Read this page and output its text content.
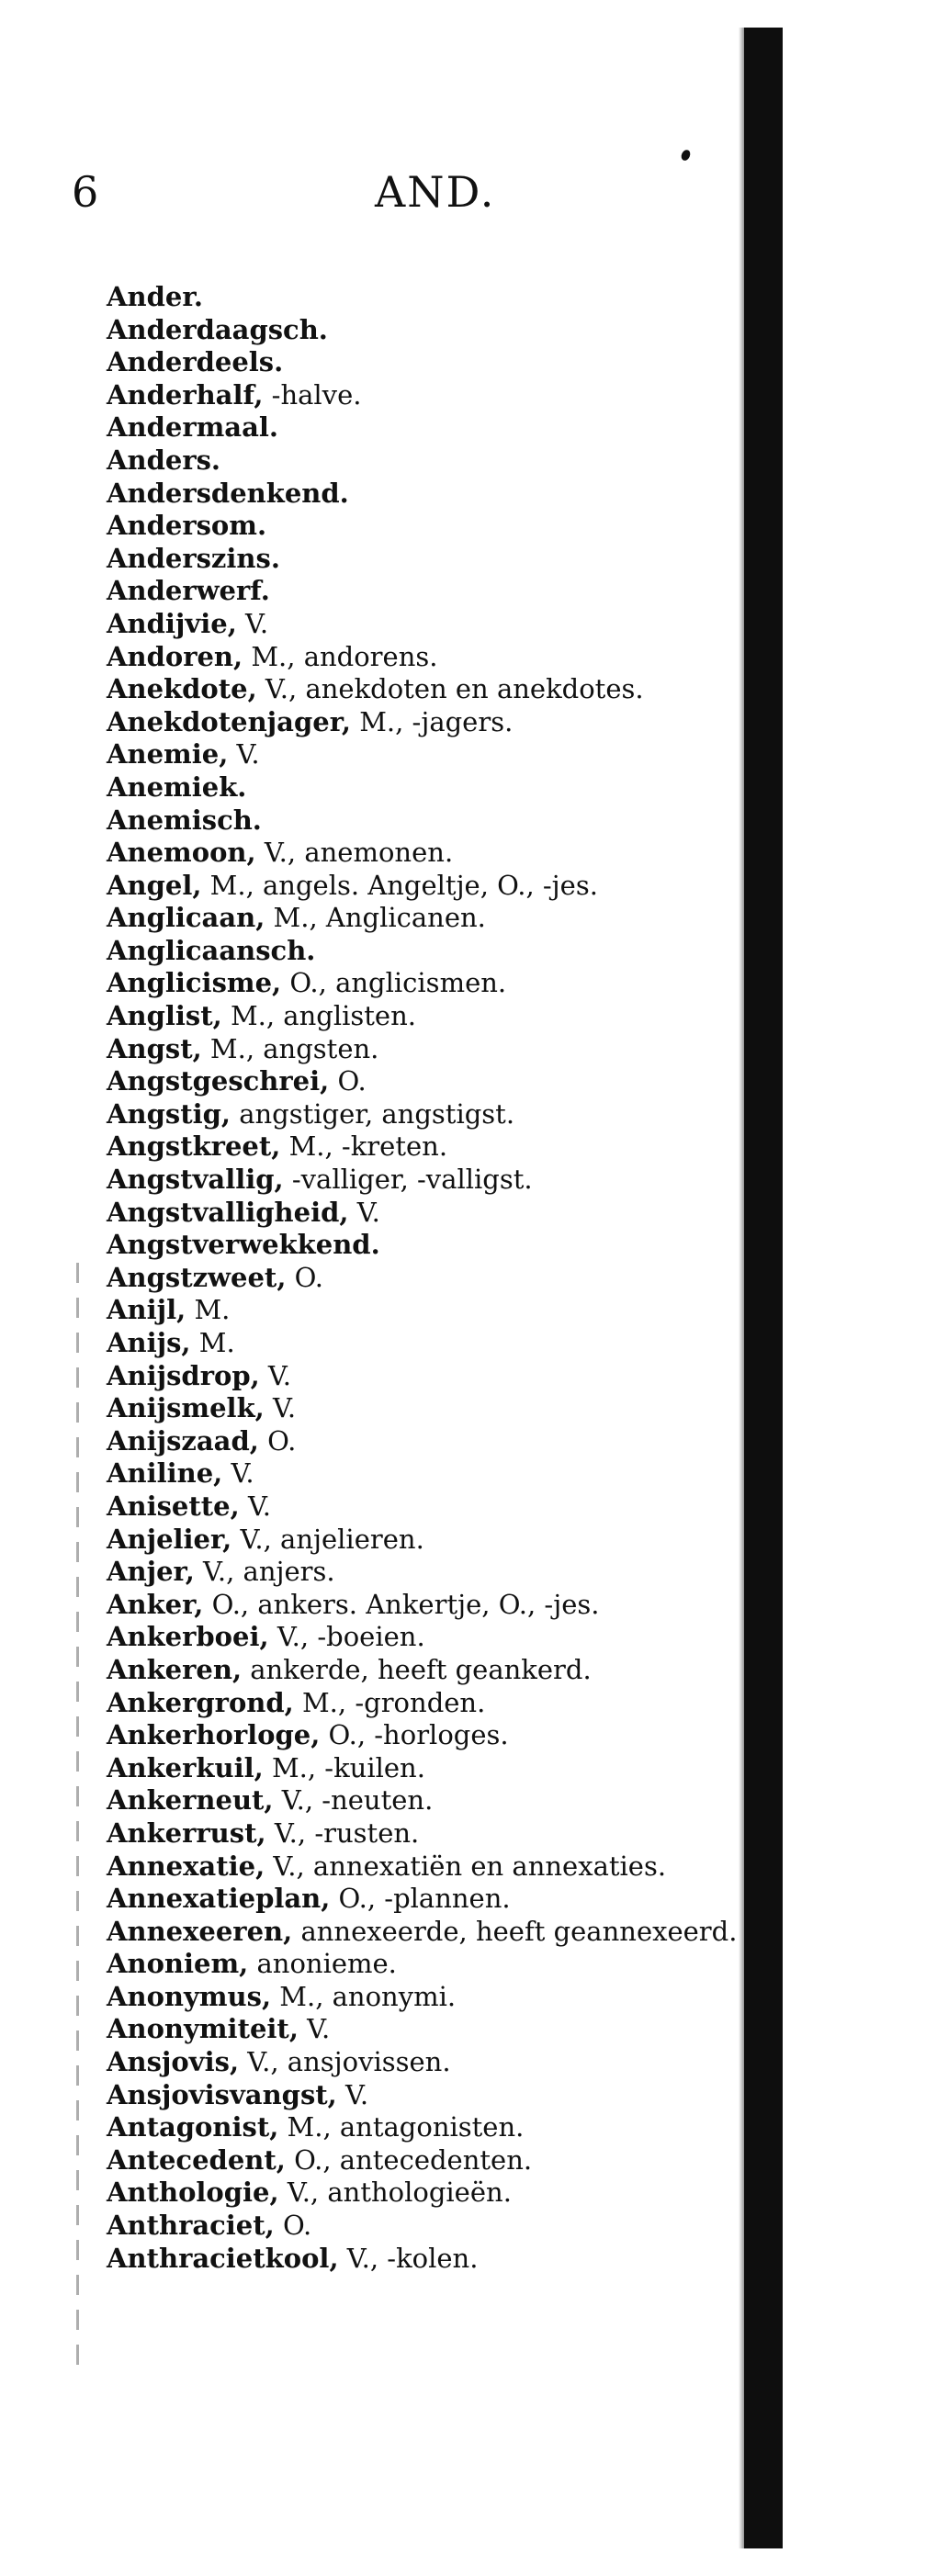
6	AND.
Ander.
Anderdaagsch.
Anderdeels.
Anderhalf, -halve.
Andermaal.
Anders.
Andersdenkend.
Andersom.
Anderszins.
Anderwerf.
Andijvie, V.
Andoren, M., andorens.
Anekdote, V., anekdoten en anekdotes.
Anekdotenjager, M., -jagers.
Anemie, V.
Anemiek.
Anemisch.
Anemoon, V., anemonen.
Angel, M., angels. Angeltje, O., -jes.
Anglicaan, M., Anglicanen.
Anglicaansch.
Anglicisme, O., anglicismen.
Anglist, M., anglisten.
Angst, M., angsten.
Angstgeschrei, O.
Angstig, angstiger, angstigst.
Angstkreet, M., -kreten.
Angstvallig, -valliger, -valligst.
Angstvalligheid, V.
Angstverwekkend.
Angstzweet, O.
Anijl, M.
Anijs, M.
Anijsdrop, V.
Anijsmelk, V.
Anijszaad, O.
Aniline, V.
Anisette, V.
Anjelier, V., anjelieren.
Anjer, V., anjers.
Anker, O., ankers. Ankertje, O., -jes.
Ankerboei, V., -boeien.
Ankeren, ankerde, heeft geankerd.
Ankergrond, M., -gronden.
Ankerhorloge, O., -horloges.
Ankerkuil, M., -kuilen.
Ankerneut, V., -neuten.
Ankerrust, V., -rusten.
Annexatie, V., annexatiën en annexaties.
Annexatieplan, O., -plannen.
Annexeeren, annexeerde, heeft geannexeerd.
Anoniem, anonieme.
Anonymus, M., anonymi.
Anonymiteit, V.
Ansjovis, V., ansjovissen.
Ansjovisvangst, V.
Antagonist, M., antagonisten.
Antecedent, O., antecedenten.
Anthologie, V., anthologieën.
Anthraciet, O.
Anthracietkool, V., -kolen.
